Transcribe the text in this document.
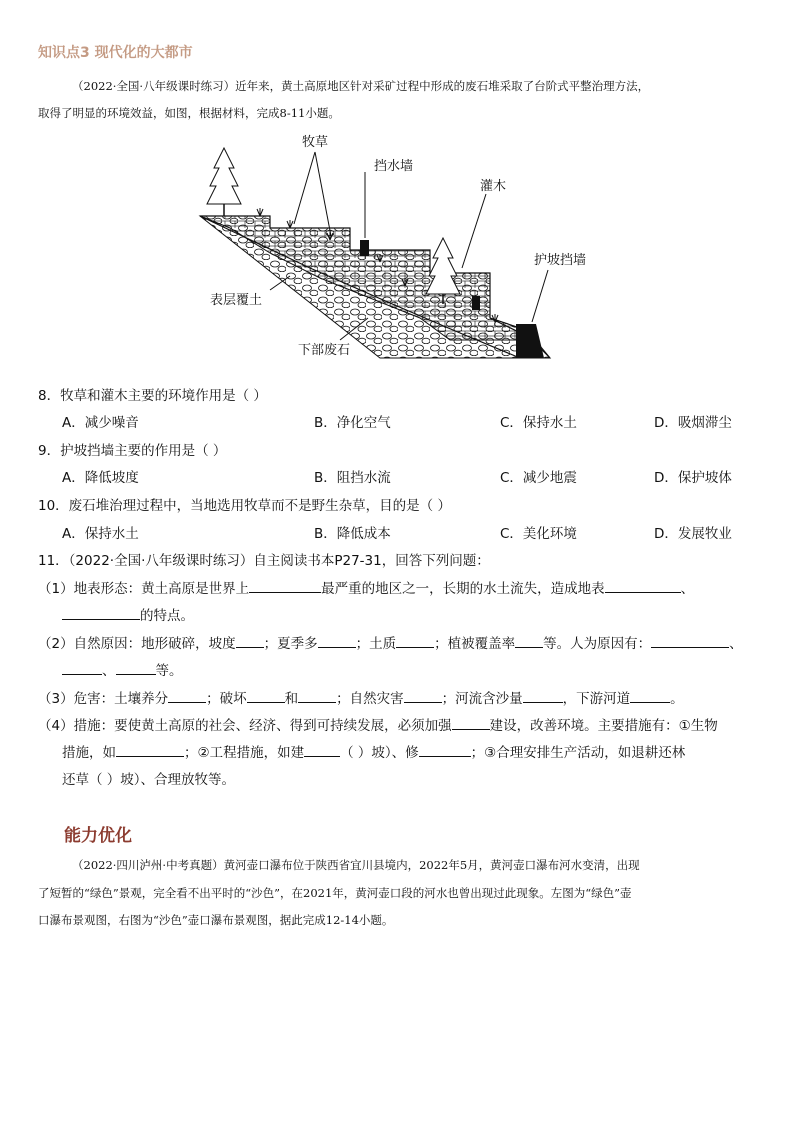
知识点3 现代化的大都市
（2022·全国·八年级课时练习）近年来，黄土高原地区针对采矿过程中形成的废石堆采取了台阶式平整治理方法，
取得了明显的环境效益，如图，根据材料，完成8-11小题。
牧草
挡水墙
灌木
护坡挡墙
表层覆土
下部废石
8．牧草和灌木主要的环境作用是（ ）
A．减少噪音	B．净化空气	C．保持水土	D．吸烟滞尘
9．护坡挡墙主要的作用是（ ）
A．降低坡度	B．阻挡水流	C．减少地震	D．保护坡体
10．废石堆治理过程中，当地选用牧草而不是野生杂草，目的是（ ）
A．保持水土	B．降低成本	C．美化环境	D．发展牧业
11．（2022·全国·八年级课时练习）自主阅读书本P27-31，回答下列问题：
（1）地表形态：黄土高原是世界上	最严重的地区之一，长期的水土流失，造成地表	、
的特点。
（2）自然原因：地形破碎，坡度 ；夏季多	；土质	；植被覆盖率 等。人为原因有：	、
、	等。
（3）危害：土壤养分	；破坏	和	；自然灾害	；河流含沙量	，下游河道	。
（4）措施：要使黄土高原的社会、经济、得到可持续发展，必须加强	建设，改善环境。主要措施有：①生物
措施，如	；②工程措施，如建	（ ）坡）、修	；③合理安排生产活动，如退耕还林
还草（ ）坡）、合理放牧等。
能力优化
（2022·四川泸州·中考真题）黄河壶口瀑布位于陕西省宜川县境内，2022年5月，黄河壶口瀑布河水变清，出现
了短暂的“绿色”景观，完全看不出平时的“沙色”，在2021年，黄河壶口段的河水也曾出现过此现象。左图为“绿色”壶
口瀑布景观图，右图为“沙色”壶口瀑布景观图，据此完成12-14小题。
